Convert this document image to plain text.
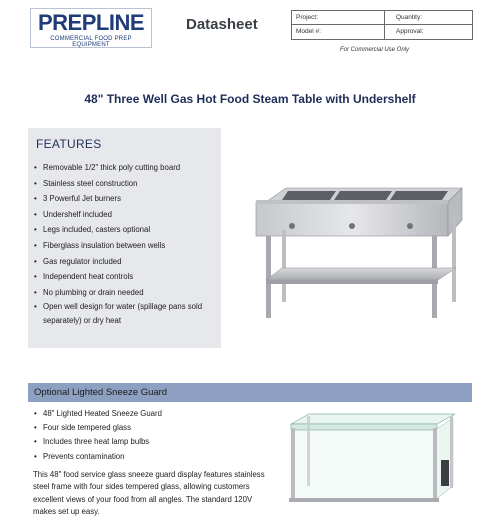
PREPLINE
COMMERCIAL FOOD PREP EQUIPMENT
Datasheet	Project:	Quantity:
Model #:	Approval:
For Commercial Use Only
48" Three Well Gas Hot Food Steam Table with Undershelf
FEATURES
• Removable 1/2" thick poly cutting board
• Stainless steel construction
• 3 Powerful Jet burners
• Undershelf included
• Legs included, casters optional
• Fiberglass insulation between wells
• Gas regulator included
• Independent heat controls
• No plumbing or drain needed
• Open well design for water (spillage pans sold separately) or dry heat
Optional Lighted Sneeze Guard
• 48" Lighted Heated Sneeze Guard
• Four side tempered glass
• Includes three heat lamp bulbs
• Prevents contamination
This 48" food service glass sneeze guard display features stainless steel frame with four sides tempered glass, allowing customers excellent views of your food from all angles. The standard 120V makes set up easy.
